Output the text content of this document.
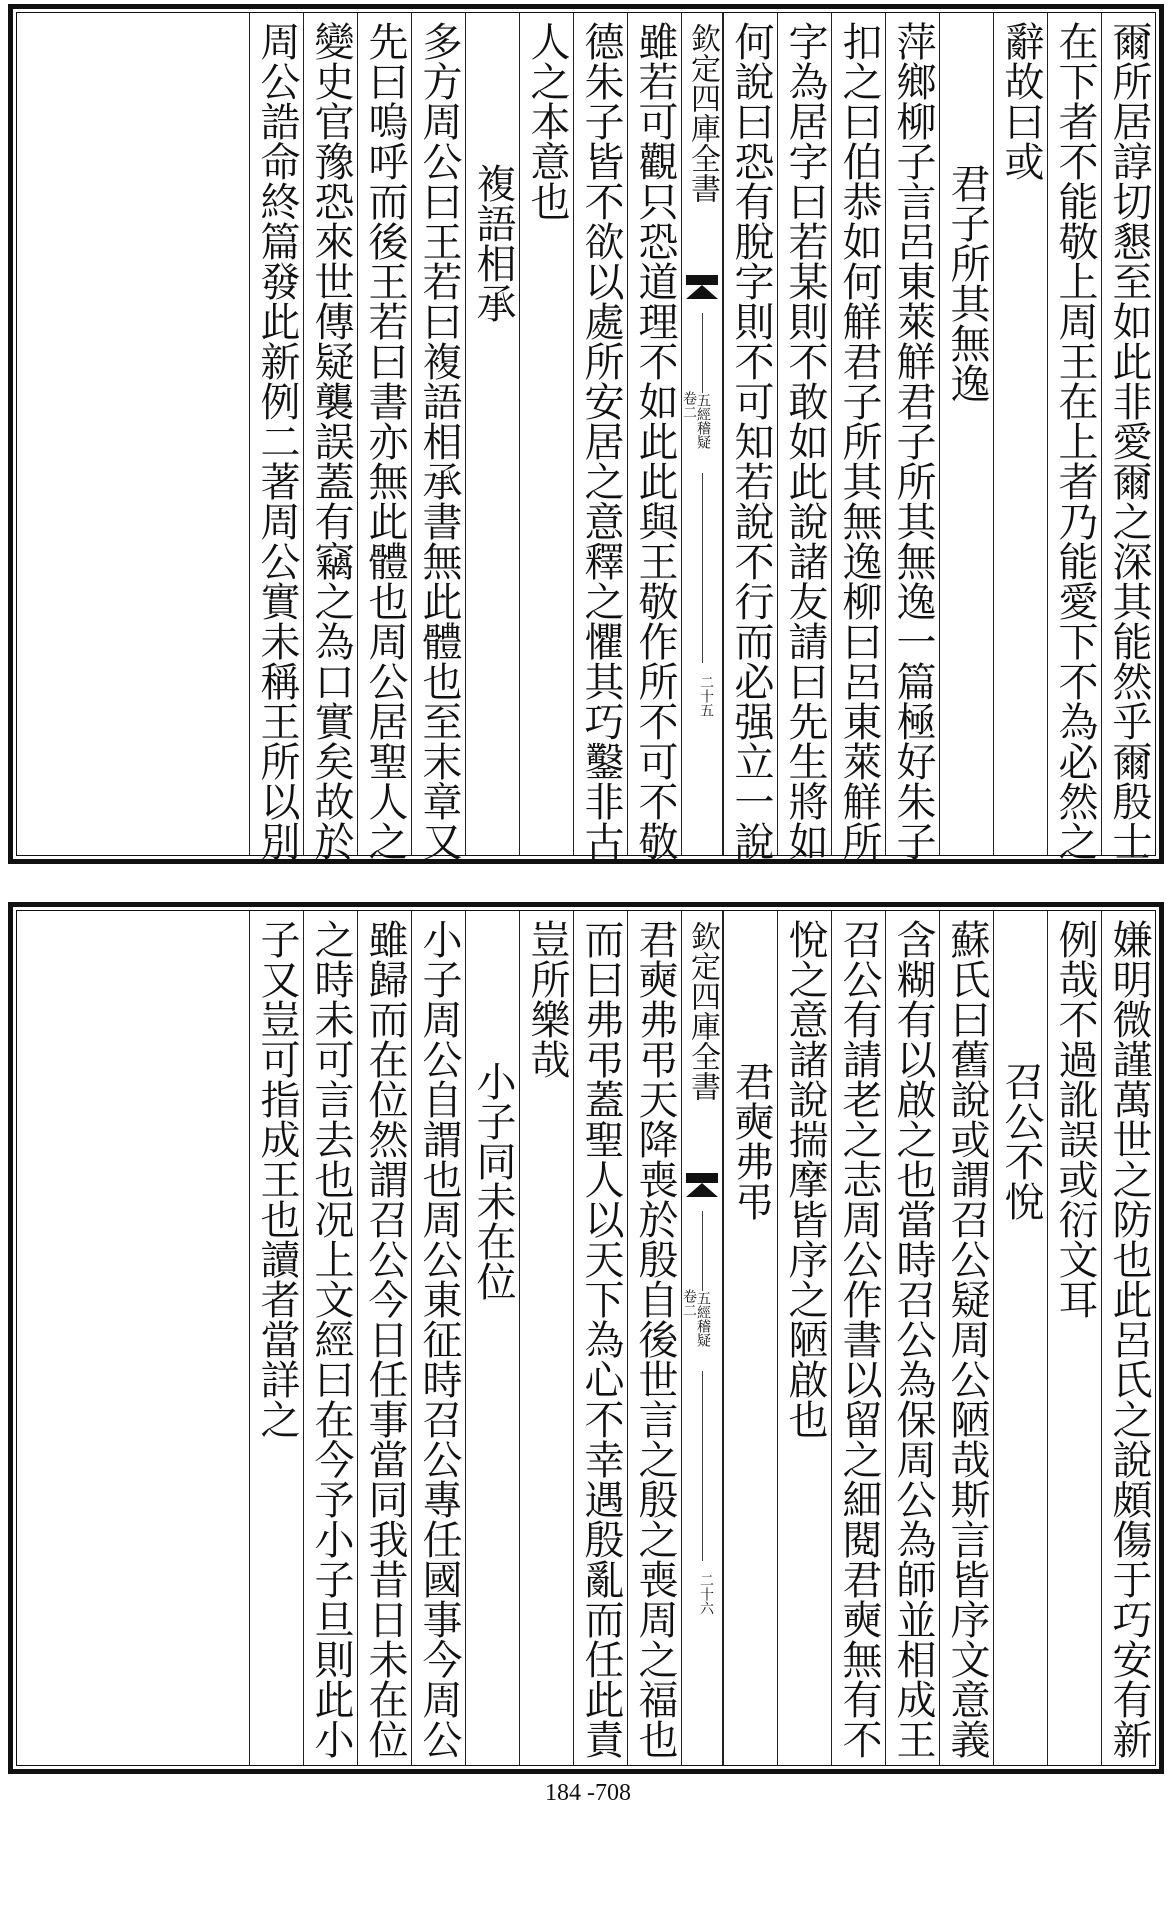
爾所居諄切懇至如此非愛爾之深其能然乎爾殷士
在下者不能敬上周王在上者乃能愛下不為必然之
辭故曰或
君子所其無逸
萍鄉柳子言呂東萊觧君子所其無逸一篇極好朱子
扣之曰伯恭如何觧君子所其無逸柳曰呂東萊觧所
字為居字曰若某則不敢如此說諸友請曰先生將如
何說曰恐有脫字則不可知若說不行而必强立一說
欽定四庫全書
五經稽疑
卷二
二十五
雖若可觀只恐道理不如此此與王敬作所不可不敬
德朱子皆不欲以處所安居之意釋之懼其巧鑿非古
人之本意也
複語相承
多方周公曰王若曰複語相承書無此體也至末章又
先曰嗚呼而後王若曰書亦無此體也周公居聖人之
變史官豫恐來世傳疑襲誤蓋有竊之為口實矣故於
周公誥命終篇發此新例二著周公實未稱王所以別
嫌明微謹萬世之防也此呂氏之說頗傷于巧安有新
例哉不過訛誤或衍文耳
召公不悅
蘇氏曰舊說或謂召公疑周公陋哉斯言皆序文意義
含糊有以啟之也當時召公為保周公為師並相成王
召公有請老之志周公作書以留之細閱君奭無有不
悅之意諸說揣摩皆序之陋啟也
君奭弗弔
欽定四庫全書
五經稽疑
卷二
二十六
君奭弗弔天降喪於殷自後世言之殷之喪周之福也
而曰弗弔蓋聖人以天下為心不幸遇殷亂而任此責
豈所樂哉
小子同未在位
小子周公自謂也周公東征時召公專任國事今周公
雖歸而在位然謂召公今日任事當同我昔日未在位
之時未可言去也况上文經曰在今予小子旦則此小
子又豈可指成王也讀者當詳之
184 -708
